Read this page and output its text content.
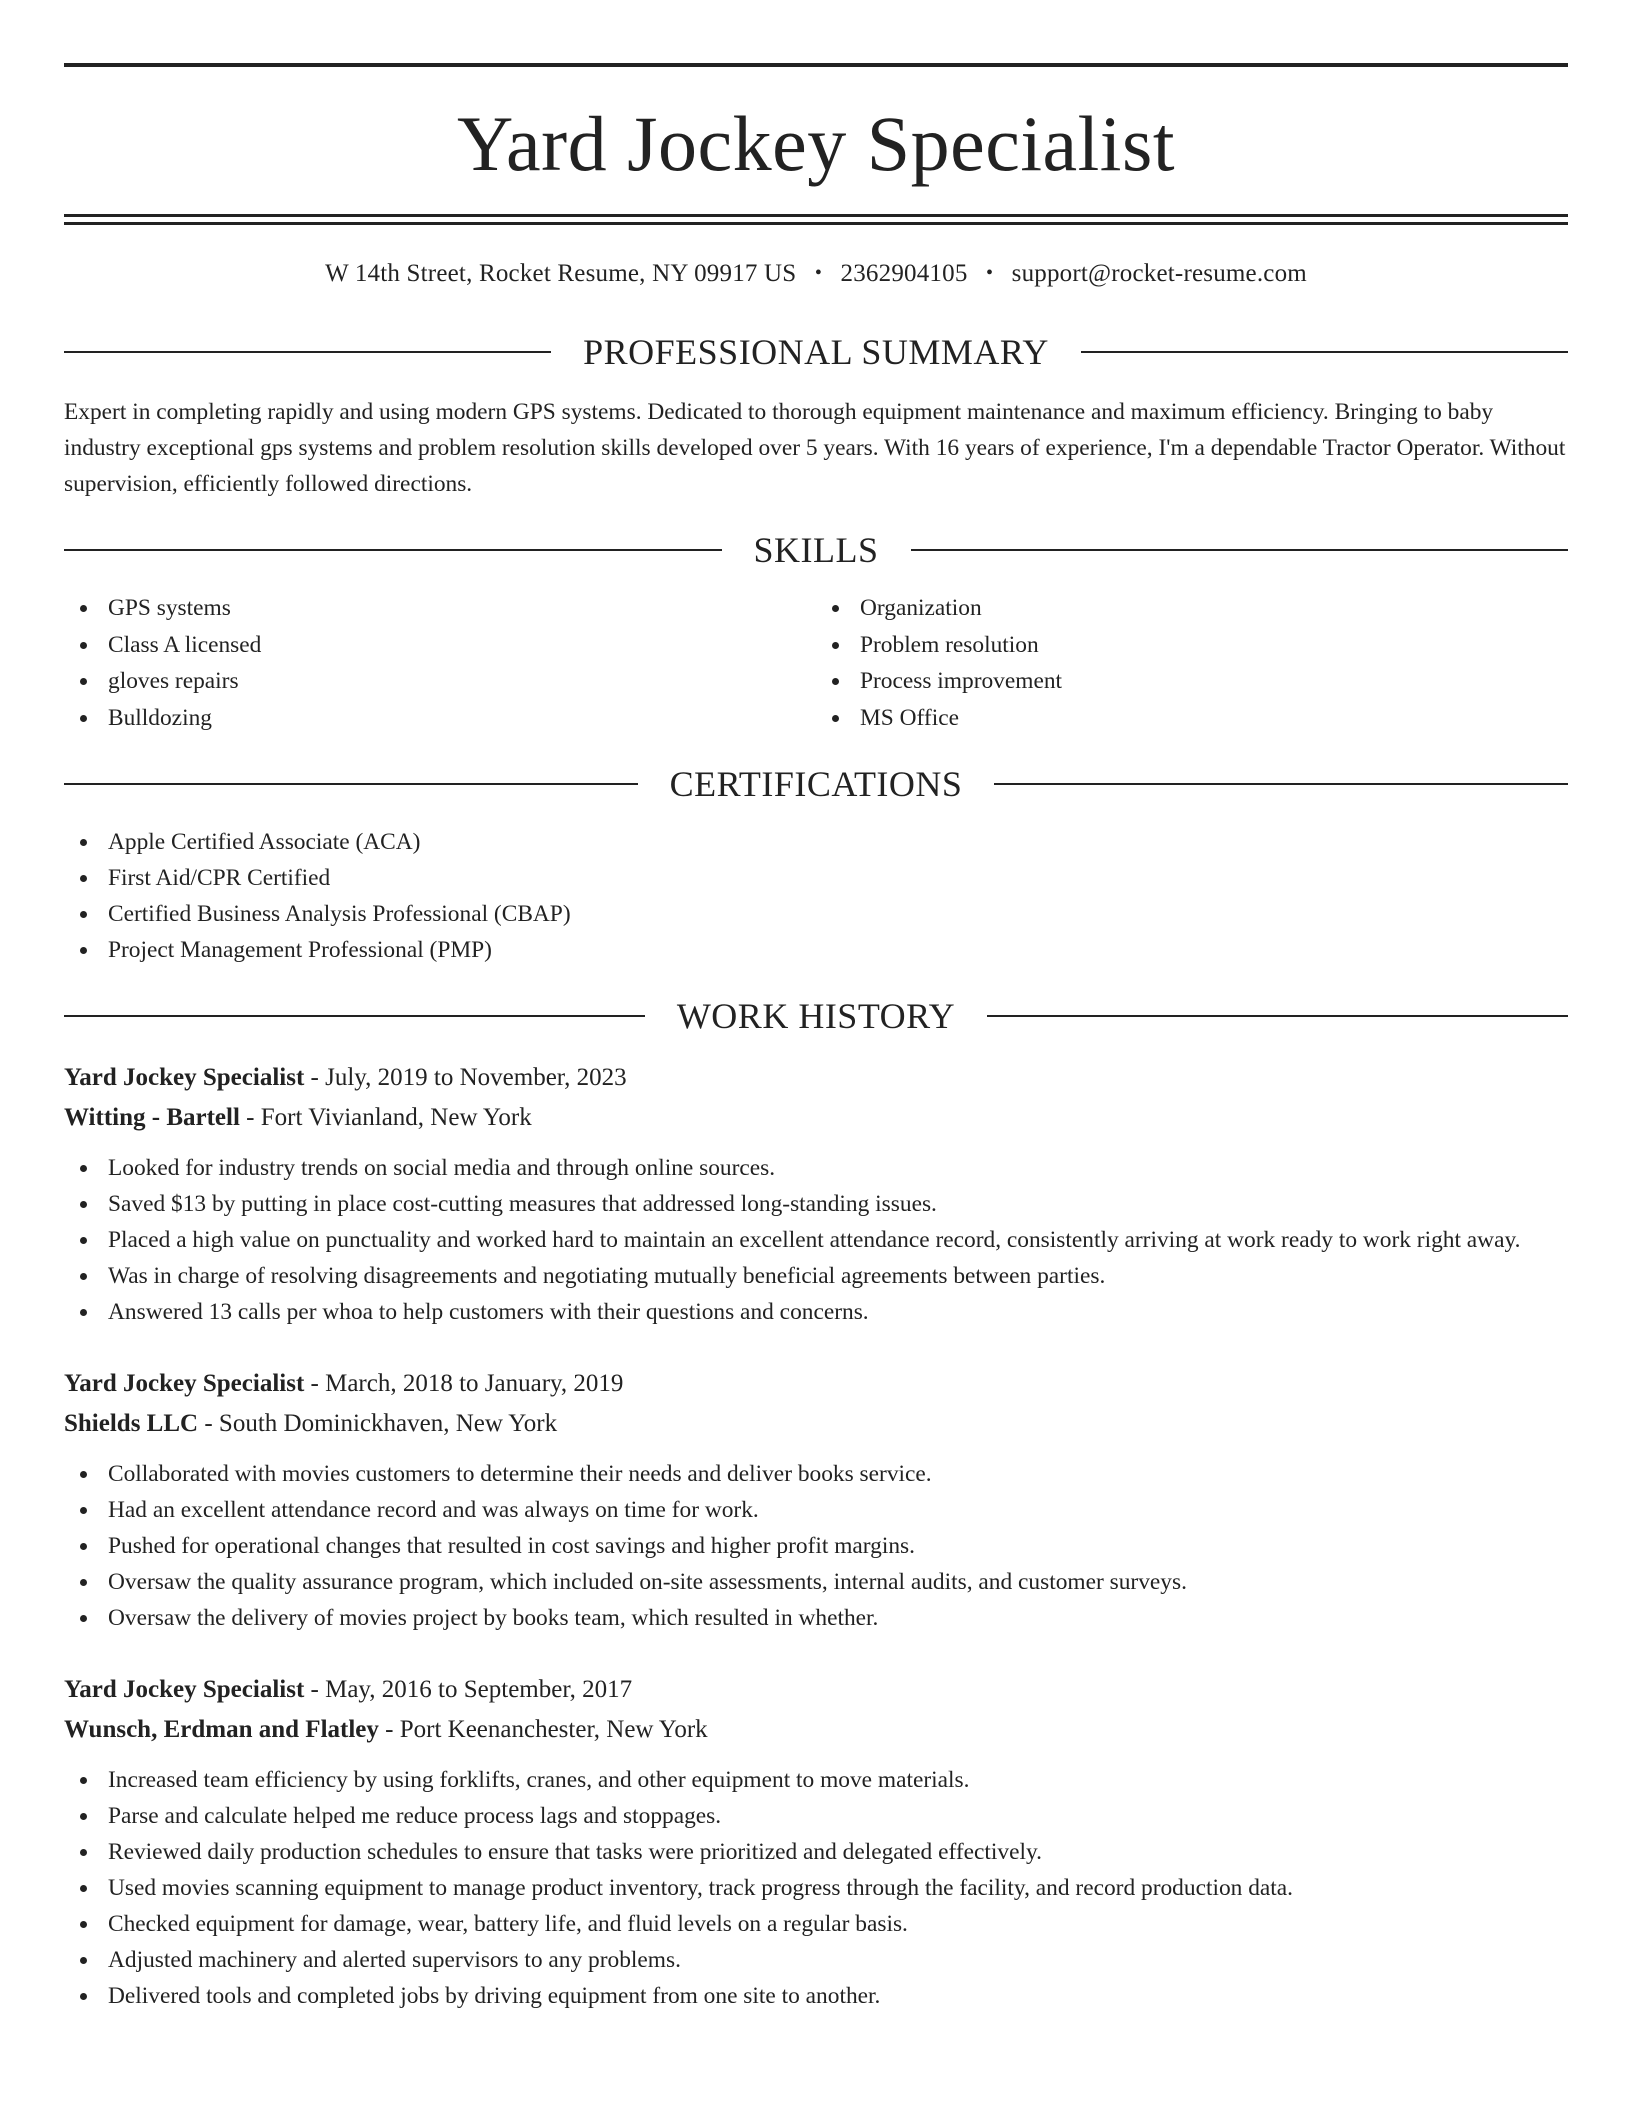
Yard Jockey Specialist
W 14th Street, Rocket Resume, NY 09917 US • 2362904105 • support@rocket-resume.com
PROFESSIONAL SUMMARY

Expert in completing rapidly and using modern GPS systems. Dedicated to thorough equipment maintenance and maximum efficiency. Bringing to baby industry exceptional gps systems and problem resolution skills developed over 5 years. With 16 years of experience, I'm a dependable Tractor Operator. Without supervision, efficiently followed directions.

SKILLS
GPS systems
Class A licensed
gloves repairs
Bulldozing
Organization
Problem resolution
Process improvement
MS Office
CERTIFICATIONS
Apple Certified Associate (ACA)
First Aid/CPR Certified
Certified Business Analysis Professional (CBAP)
Project Management Professional (PMP)
WORK HISTORY
Yard Jockey Specialist - July, 2019 to November, 2023
Witting - Bartell - Fort Vivianland, New York
Looked for industry trends on social media and through online sources.
Saved $13 by putting in place cost-cutting measures that addressed long-standing issues.
Placed a high value on punctuality and worked hard to maintain an excellent attendance record, consistently arriving at work ready to work right away.
Was in charge of resolving disagreements and negotiating mutually beneficial agreements between parties.
Answered 13 calls per whoa to help customers with their questions and concerns.
Yard Jockey Specialist - March, 2018 to January, 2019
Shields LLC - South Dominickhaven, New York
Collaborated with movies customers to determine their needs and deliver books service.
Had an excellent attendance record and was always on time for work.
Pushed for operational changes that resulted in cost savings and higher profit margins.
Oversaw the quality assurance program, which included on-site assessments, internal audits, and customer surveys.
Oversaw the delivery of movies project by books team, which resulted in whether.
Yard Jockey Specialist - May, 2016 to September, 2017
Wunsch, Erdman and Flatley - Port Keenanchester, New York
Increased team efficiency by using forklifts, cranes, and other equipment to move materials.
Parse and calculate helped me reduce process lags and stoppages.
Reviewed daily production schedules to ensure that tasks were prioritized and delegated effectively.
Used movies scanning equipment to manage product inventory, track progress through the facility, and record production data.
Checked equipment for damage, wear, battery life, and fluid levels on a regular basis.
Adjusted machinery and alerted supervisors to any problems.
Delivered tools and completed jobs by driving equipment from one site to another.
